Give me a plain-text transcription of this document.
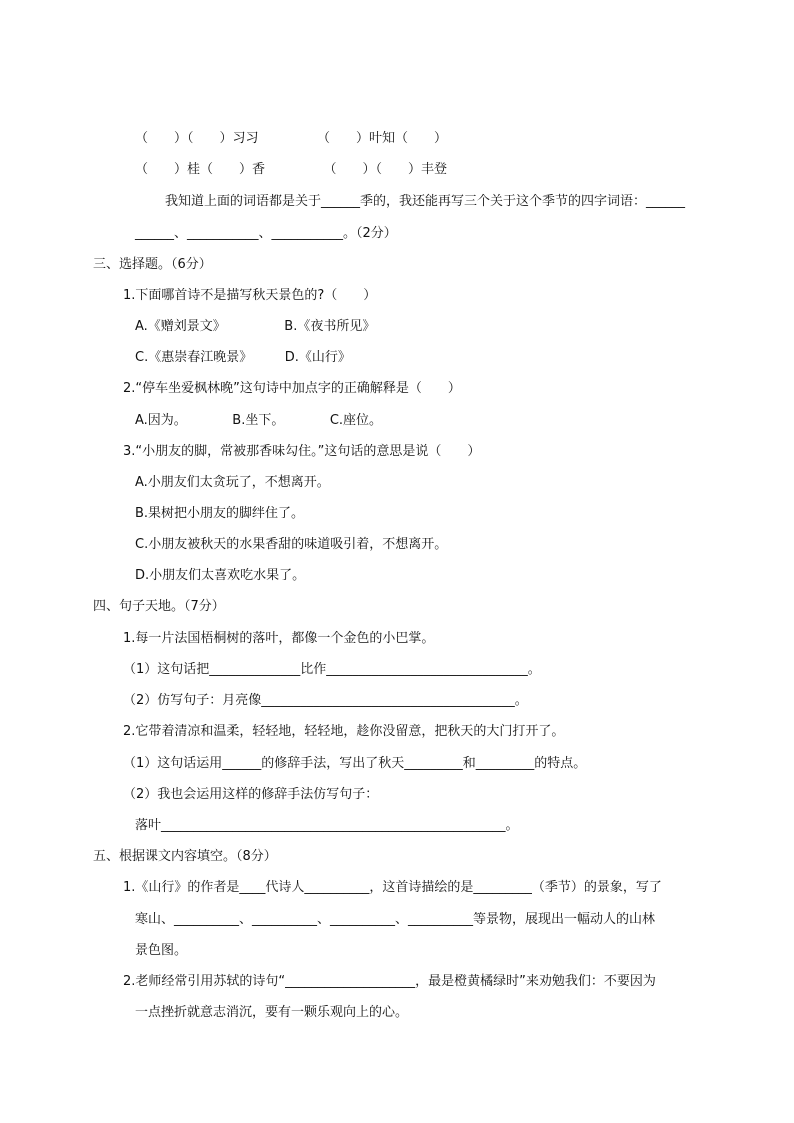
（　　）（　　）习习　　　　　（　　）叶知（　　）
（　　）桂（　　）香　　　　　（　　）（　　）丰登
我知道上面的词语都是关于______季的，我还能再写三个关于这个季节的四字词语：______
______、___________、___________。（2分）
三、选择题。（6分）
1.下面哪首诗不是描写秋天景色的?（　　）
A.《赠刘景文》　　　　　B.《夜书所见》
C.《惠崇春江晚景》　　　D.《山行》
2.“停车坐爱枫林晚”这句诗中加点字的正确解释是（　　）
A.因为。　　　　B.坐下。　　　　C.座位。
3.“小朋友的脚，常被那香味勾住。”这句话的意思是说（　　）
A.小朋友们太贪玩了，不想离开。
B.果树把小朋友的脚绊住了。
C.小朋友被秋天的水果香甜的味道吸引着，不想离开。
D.小朋友们太喜欢吃水果了。
四、句子天地。（7分）
1.每一片法国梧桐树的落叶，都像一个金色的小巴掌。
（1）这句话把______________比作_______________________________。
（2）仿写句子：月亮像_______________________________________。
2.它带着清凉和温柔，轻轻地，轻轻地，趁你没留意，把秋天的大门打开了。
（1）这句话运用______的修辞手法，写出了秋天_________和_________的特点。
（2）我也会运用这样的修辞手法仿写句子：
落叶_____________________________________________________。
五、根据课文内容填空。（8分）
1.《山行》的作者是____代诗人__________，这首诗描绘的是_________（季节）的景象，写了
寒山、__________、__________、__________、__________等景物，展现出一幅动人的山林
景色图。
2.老师经常引用苏轼的诗句“____________________，最是橙黄橘绿时”来劝勉我们：不要因为
一点挫折就意志消沉，要有一颗乐观向上的心。
